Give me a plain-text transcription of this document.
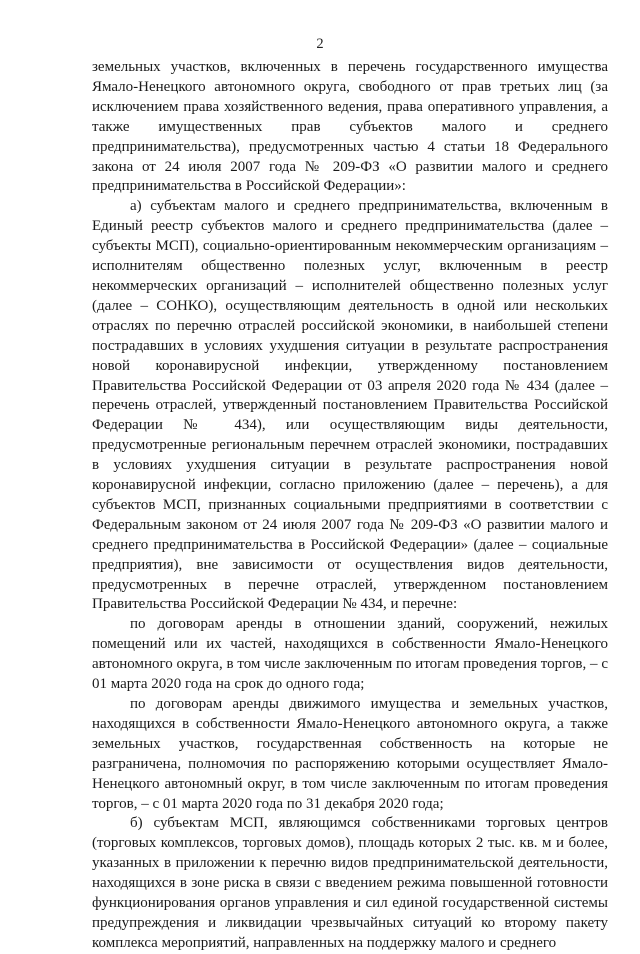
2

земельных участков, включенных в перечень государственного имущества Ямало-Ненецкого автономного округа, свободного от прав третьих лиц (за исключением права хозяйственного ведения, права оперативного управления, а также имущественных прав субъектов малого и среднего предпринимательства), предусмотренных частью 4 статьи 18 Федерального закона от 24 июля 2007 года № 209-ФЗ «О развитии малого и среднего предпринимательства в Российской Федерации»:

а) субъектам малого и среднего предпринимательства, включенным в Единый реестр субъектов малого и среднего предпринимательства (далее – субъекты МСП), социально-ориентированным некоммерческим организациям – исполнителям общественно полезных услуг, включенным в реестр некоммерческих организаций – исполнителей общественно полезных услуг (далее – СОНКО), осуществляющим деятельность в одной или нескольких отраслях по перечню отраслей российской экономики, в наибольшей степени пострадавших в условиях ухудшения ситуации в результате распространения новой коронавирусной инфекции, утвержденному постановлением Правительства Российской Федерации от 03 апреля 2020 года № 434 (далее – перечень отраслей, утвержденный постановлением Правительства Российской Федерации № 434), или осуществляющим виды деятельности, предусмотренные региональным перечнем отраслей экономики, пострадавших в условиях ухудшения ситуации в результате распространения новой коронавирусной инфекции, согласно приложению (далее – перечень), а для субъектов МСП, признанных социальными предприятиями в соответствии с Федеральным законом от 24 июля 2007 года № 209-ФЗ «О развитии малого и среднего предпринимательства в Российской Федерации» (далее – социальные предприятия), вне зависимости от осуществления видов деятельности, предусмотренных в перечне отраслей, утвержденном постановлением Правительства Российской Федерации № 434, и перечне:

по договорам аренды в отношении зданий, сооружений, нежилых помещений или их частей, находящихся в собственности Ямало-Ненецкого автономного округа, в том числе заключенным по итогам проведения торгов, – с 01 марта 2020 года на срок до одного года;

по договорам аренды движимого имущества и земельных участков, находящихся в собственности Ямало-Ненецкого автономного округа, а также земельных участков, государственная собственность на которые не разграничена, полномочия по распоряжению которыми осуществляет Ямало-Ненецкого автономный округ, в том числе заключенным по итогам проведения торгов, – с 01 марта 2020 года по 31 декабря 2020 года;

б) субъектам МСП, являющимся собственниками торговых центров (торговых комплексов, торговых домов), площадь которых 2 тыс. кв. м и более, указанных в приложении к перечню видов предпринимательской деятельности, находящихся в зоне риска в связи с введением режима повышенной готовности функционирования органов управления и сил единой государственной системы предупреждения и ликвидации чрезвычайных ситуаций ко второму пакету комплекса мероприятий, направленных на поддержку малого и среднего
